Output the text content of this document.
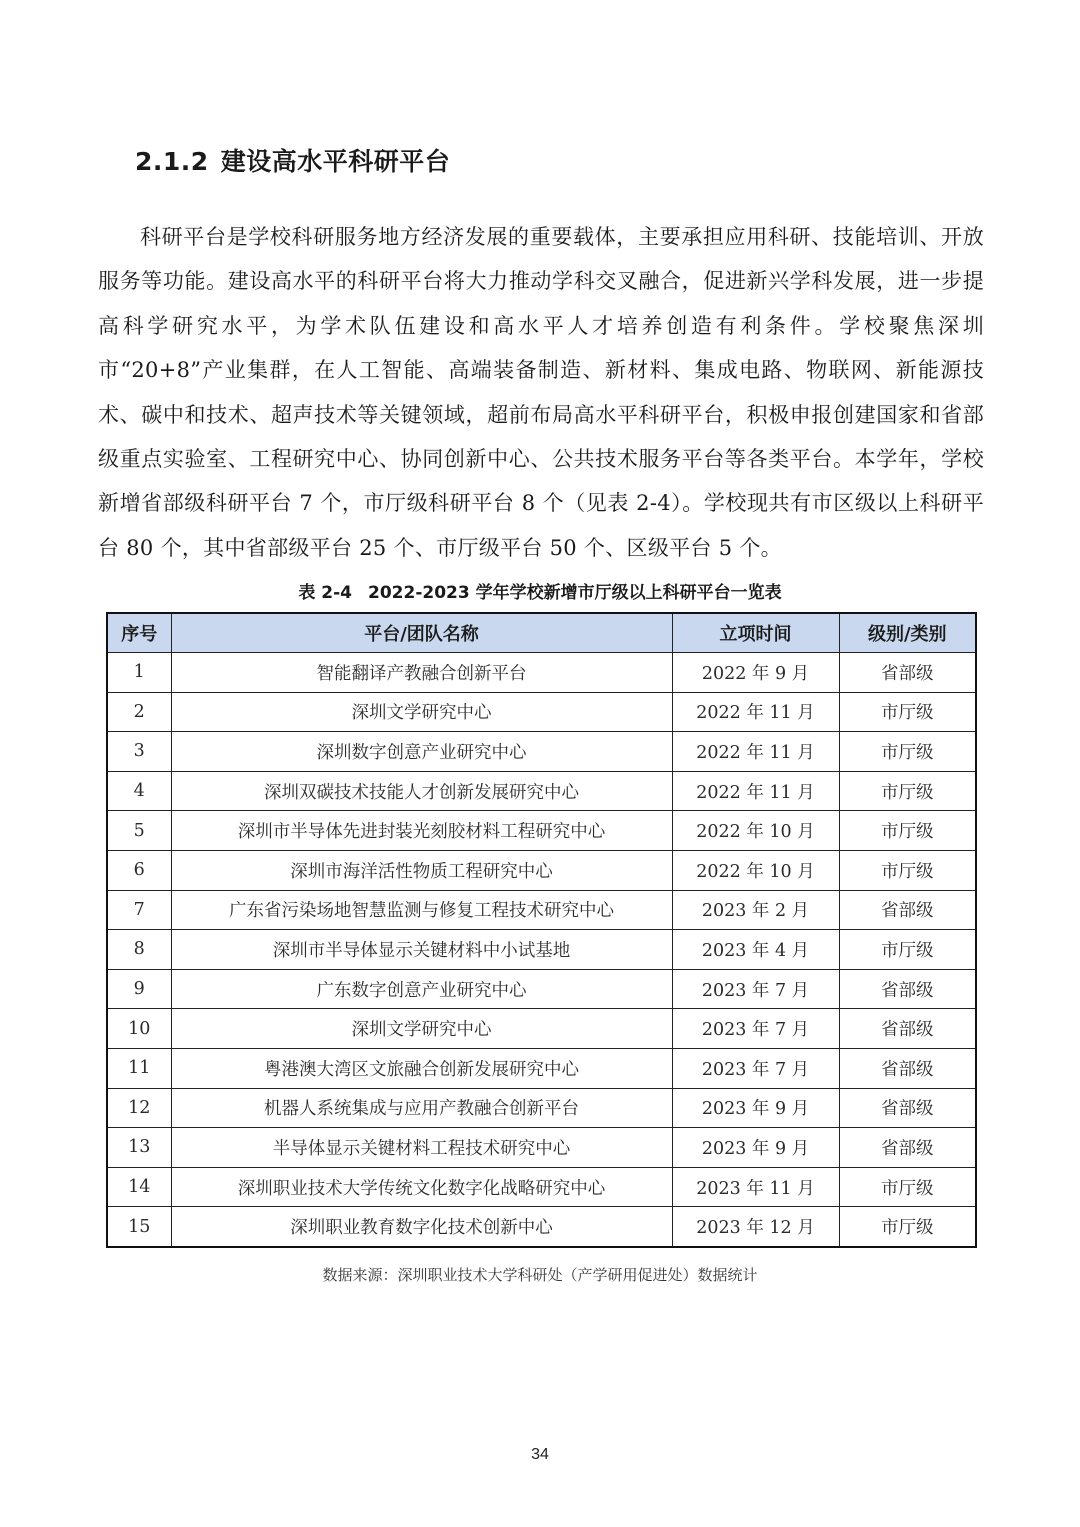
2.1.2 建设高水平科研平台
科研平台是学校科研服务地方经济发展的重要载体，主要承担应用科研、技能培训、开放服务等功能。建设高水平的科研平台将大力推动学科交叉融合，促进新兴学科发展，进一步提高科学研究水平，为学术队伍建设和高水平人才培养创造有利条件。学校聚焦深圳市“20+8”产业集群，在人工智能、高端装备制造、新材料、集成电路、物联网、新能源技术、碳中和技术、超声技术等关键领域，超前布局高水平科研平台，积极申报创建国家和省部级重点实验室、工程研究中心、协同创新中心、公共技术服务平台等各类平台。本学年，学校新增省部级科研平台 7 个，市厅级科研平台 8 个（见表 2-4）。学校现共有市区级以上科研平台 80 个，其中省部级平台 25 个、市厅级平台 50 个、区级平台 5 个。
表 2-4 2022-2023 学年学校新增市厅级以上科研平台一览表
序号	平台/团队名称	立项时间	级别/类别
1	智能翻译产教融合创新平台	2022 年 9 月	省部级
2	深圳文学研究中心	2022 年 11 月	市厅级
3	深圳数字创意产业研究中心	2022 年 11 月	市厅级
4	深圳双碳技术技能人才创新发展研究中心	2022 年 11 月	市厅级
5	深圳市半导体先进封装光刻胶材料工程研究中心	2022 年 10 月	市厅级
6	深圳市海洋活性物质工程研究中心	2022 年 10 月	市厅级
7	广东省污染场地智慧监测与修复工程技术研究中心	2023 年 2 月	省部级
8	深圳市半导体显示关键材料中小试基地	2023 年 4 月	市厅级
9	广东数字创意产业研究中心	2023 年 7 月	省部级
10	深圳文学研究中心	2023 年 7 月	省部级
11	粤港澳大湾区文旅融合创新发展研究中心	2023 年 7 月	省部级
12	机器人系统集成与应用产教融合创新平台	2023 年 9 月	省部级
13	半导体显示关键材料工程技术研究中心	2023 年 9 月	省部级
14	深圳职业技术大学传统文化数字化战略研究中心	2023 年 11 月	市厅级
15	深圳职业教育数字化技术创新中心	2023 年 12 月	市厅级
数据来源：深圳职业技术大学科研处（产学研用促进处）数据统计
34
